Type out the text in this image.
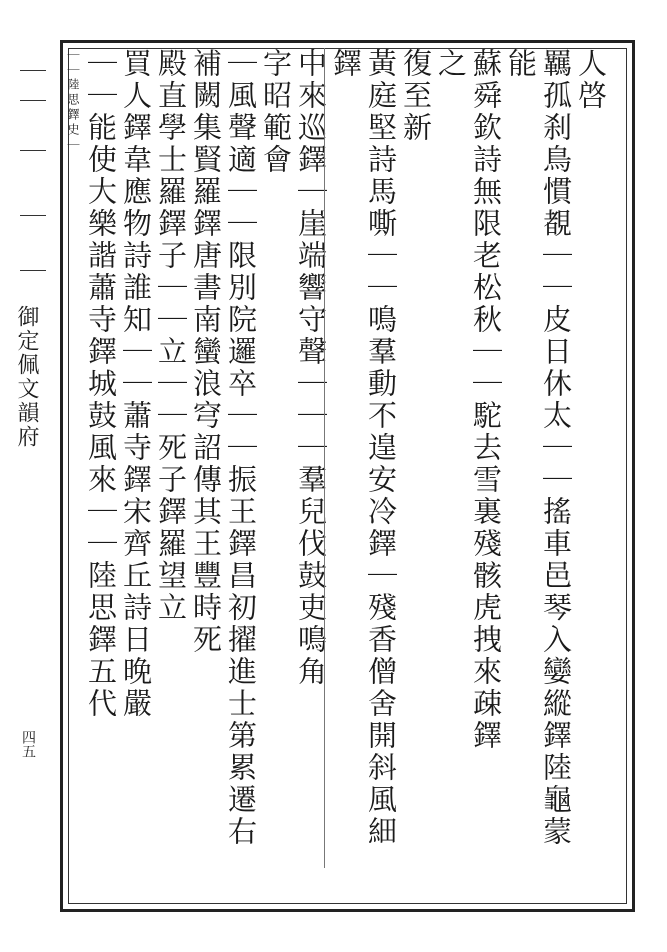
御定佩文韻府
四五

人啓

羈孤刹鳥慣覩｜｜皮日休太｜｜搖車邑琴入孌縱鐸陸龜蒙

能

蘇舜欽詩無限老松秋｜｜駝去雪裏殘骸虎拽來疎鐸

之

復至新

黃庭堅詩馬嘶｜｜鳴羣動不遑安冷鐸｜殘香僧舍開斜風細

鐸

中來巡鐸｜崖端響守聲｜｜｜羣兒伐鼓吏鳴角

字昭範會

｜風聲適｜｜限別院邏卒｜｜振王鐸昌初擢進士第累遷右

補闕集賢羅鐸唐書南蠻浪穹詔傳其王豐時死

殿直學士羅鐸子｜｜立｜｜死子鐸羅望立

買人鐸韋應物詩誰知｜｜蕭寺鐸宋齊丘詩日晚嚴

｜｜能使大樂諧蕭寺鐸城鼓風來｜｜陸思鐸五代

｜｜陸思鐸史｜
